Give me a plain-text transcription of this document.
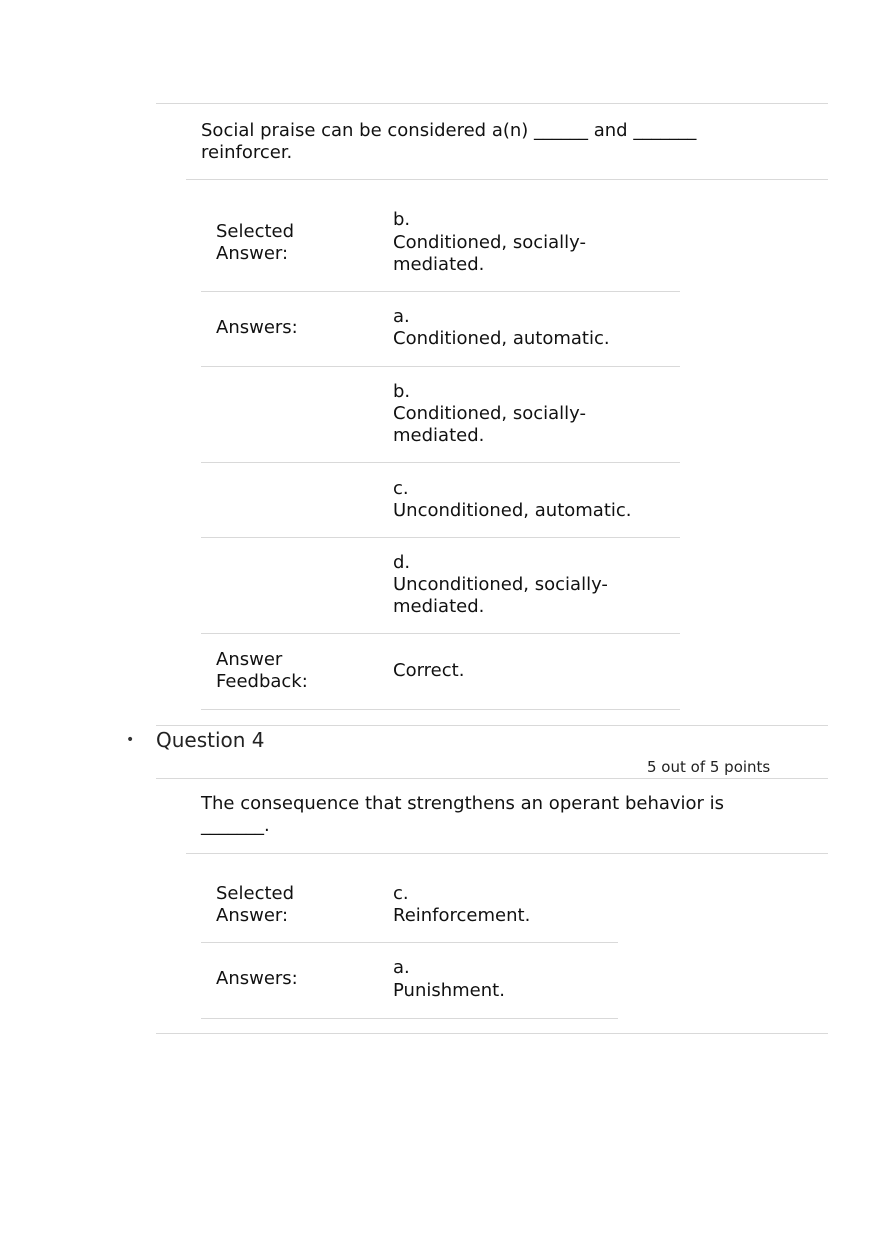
Social praise can be considered a(n) ______ and _______
reinforcer.
Selected
Answer:
b.
Conditioned, socially-
mediated.
Answers:
a.
Conditioned, automatic.
b.
Conditioned, socially-
mediated.
c.
Unconditioned, automatic.
d.
Unconditioned, socially-
mediated.
Answer
Feedback:
Correct.
• Question 4
5 out of 5 points
The consequence that strengthens an operant behavior is
_______.
Selected
Answer:
c.
Reinforcement.
Answers:
a.
Punishment.
